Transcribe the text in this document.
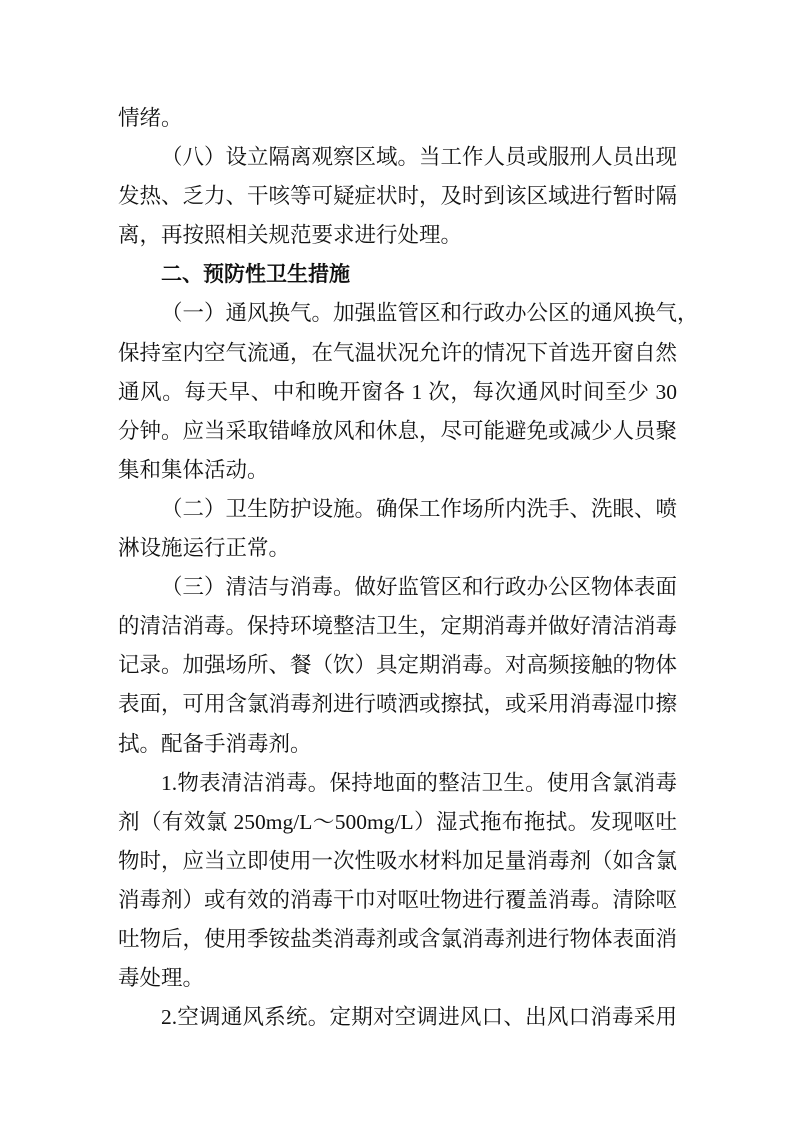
情绪。
（八）设立隔离观察区域。当工作人员或服刑人员出现
发热、乏力、干咳等可疑症状时，及时到该区域进行暂时隔
离，再按照相关规范要求进行处理。
二、预防性卫生措施
（一）通风换气。加强监管区和行政办公区的通风换气，
保持室内空气流通，在气温状况允许的情况下首选开窗自然
通风。每天早、中和晚开窗各 1 次，每次通风时间至少 30
分钟。应当采取错峰放风和休息，尽可能避免或减少人员聚
集和集体活动。
（二）卫生防护设施。确保工作场所内洗手、洗眼、喷
淋设施运行正常。
（三）清洁与消毒。做好监管区和行政办公区物体表面
的清洁消毒。保持环境整洁卫生，定期消毒并做好清洁消毒
记录。加强场所、餐（饮）具定期消毒。对高频接触的物体
表面，可用含氯消毒剂进行喷洒或擦拭，或采用消毒湿巾擦
拭。配备手消毒剂。
1.物表清洁消毒。保持地面的整洁卫生。使用含氯消毒
剂（有效氯 250mg/L～500mg/L）湿式拖布拖拭。发现呕吐
物时，应当立即使用一次性吸水材料加足量消毒剂（如含氯
消毒剂）或有效的消毒干巾对呕吐物进行覆盖消毒。清除呕
吐物后，使用季铵盐类消毒剂或含氯消毒剂进行物体表面消
毒处理。
2.空调通风系统。定期对空调进风口、出风口消毒采用
